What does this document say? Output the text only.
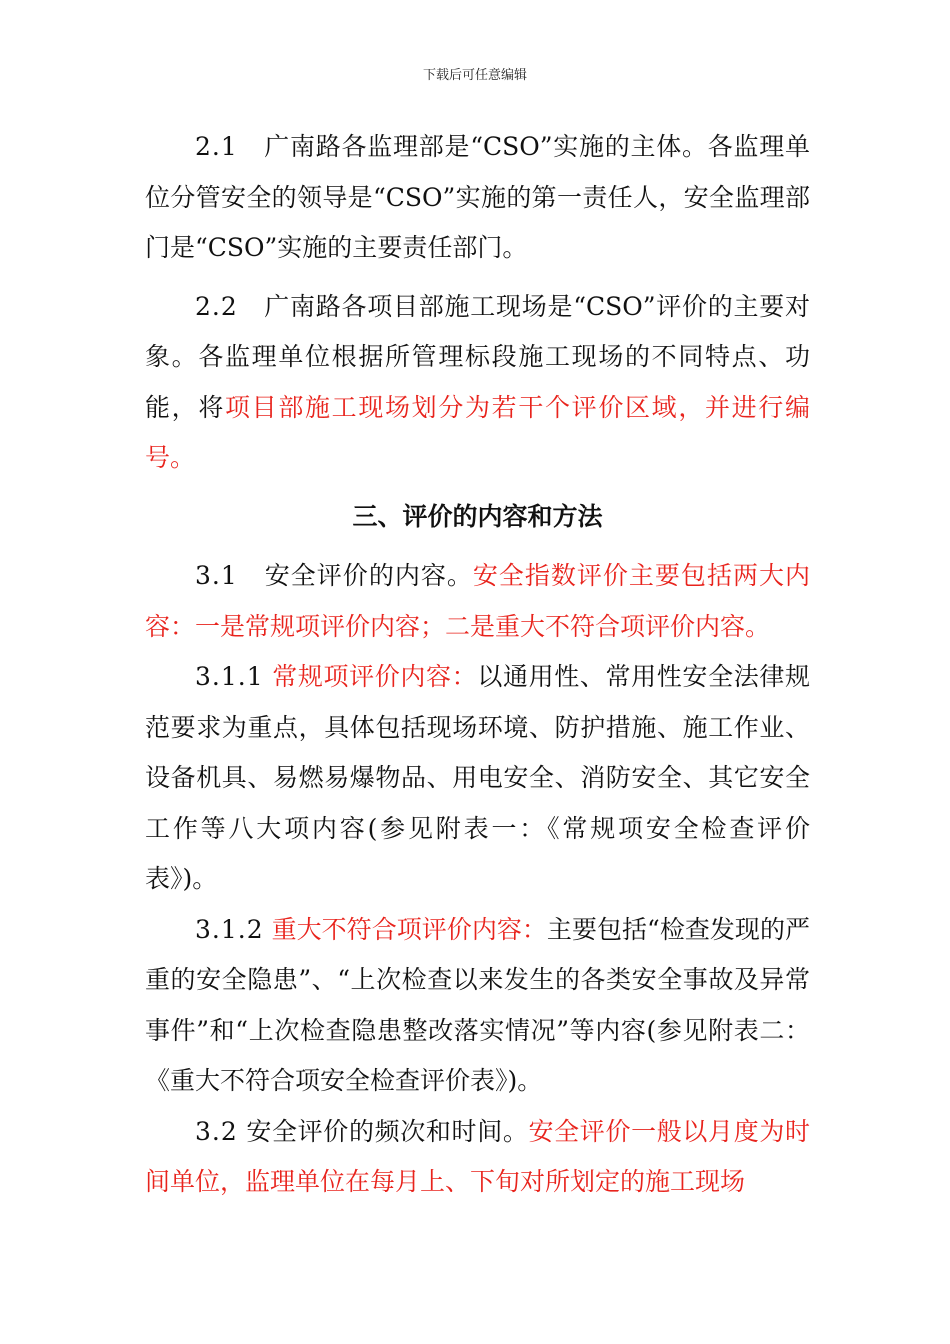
下载后可任意编辑

2.1　广南路各监理部是“CSO”实施的主体。各监理单位分管安全的领导是“CSO”实施的第一责任人，安全监理部门是“CSO”实施的主要责任部门。

2.2　广南路各项目部施工现场是“CSO”评价的主要对象。各监理单位根据所管理标段施工现场的不同特点、功能，将项目部施工现场划分为若干个评价区域，并进行编号。

三、评价的内容和方法

3.1　安全评价的内容。安全指数评价主要包括两大内容：一是常规项评价内容；二是重大不符合项评价内容。

3.1.1 常规项评价内容：以通用性、常用性安全法律规范要求为重点，具体包括现场环境、防护措施、施工作业、设备机具、易燃易爆物品、用电安全、消防安全、其它安全工作等八大项内容(参见附表一：《常规项安全检查评价表》)。

3.1.2 重大不符合项评价内容：主要包括“检查发现的严重的安全隐患”、“上次检查以来发生的各类安全事故及异常事件”和“上次检查隐患整改落实情况”等内容(参见附表二：《重大不符合项安全检查评价表》)。

3.2 安全评价的频次和时间。安全评价一般以月度为时间单位，监理单位在每月上、下旬对所划定的施工现场
